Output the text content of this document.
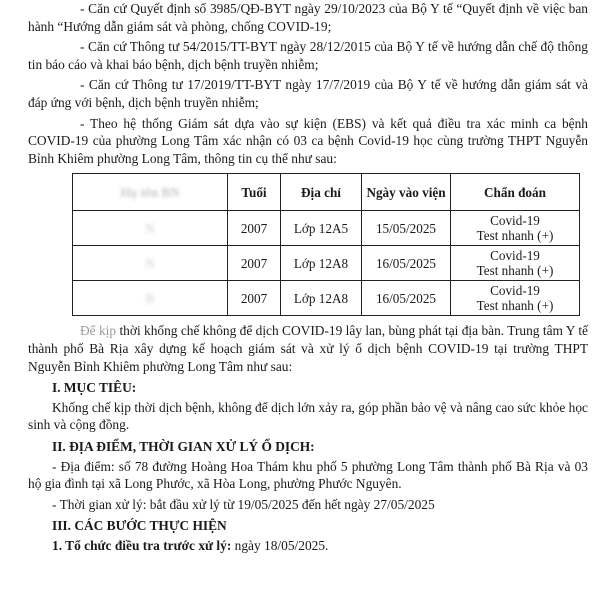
- Căn cứ Quyết định số 3985/QĐ-BYT ngày 29/10/2023 của Bộ Y tế “Quyết định về việc ban hành “Hướng dẫn giám sát và phòng, chống COVID-19;

- Căn cứ Thông tư 54/2015/TT-BYT ngày 28/12/2015 của Bộ Y tế về hướng dẫn chế độ thông tin báo cáo và khai báo bệnh, dịch bệnh truyền nhiễm;

- Căn cứ Thông tư 17/2019/TT-BYT ngày 17/7/2019 của Bộ Y tế về hướng dẫn giám sát và đáp ứng với bệnh, dịch bệnh truyền nhiễm;

- Theo hệ thống Giám sát dựa vào sự kiện (EBS) và kết quả điều tra xác minh ca bệnh COVID-19 của phường Long Tâm xác nhận có 03 ca bệnh Covid-19 học cùng trường THPT Nguyễn Bỉnh Khiêm phường Long Tâm, thông tin cụ thể như sau:

Họ tên BN	Tuổi	Địa chỉ	Ngày vào viện	Chẩn đoán
N	2007	Lớp 12A5	15/05/2025	Covid-19
Test nhanh (+)

N	2007	Lớp 12A8	16/05/2025	Covid-19
Test nhanh (+)

B	2007	Lớp 12A8	16/05/2025	Covid-19
Test nhanh (+)

Để kịp thời khống chế không để dịch COVID-19 lây lan, bùng phát tại địa bàn. Trung tâm Y tế thành phố Bà Rịa xây dựng kế hoạch giám sát và xử lý ổ dịch bệnh COVID-19 tại trường THPT Nguyễn Bỉnh Khiêm phường Long Tâm như sau:

I. MỤC TIÊU:

Khống chế kịp thời dịch bệnh, không để dịch lớn xảy ra, góp phần bảo vệ và nâng cao sức khỏe học sinh và cộng đồng.

II. ĐỊA ĐIỂM, THỜI GIAN XỬ LÝ Ổ DỊCH:

- Địa điểm: số 78 đường Hoàng Hoa Thám khu phố 5 phường Long Tâm thành phố Bà Rịa và 03 hộ gia đình tại xã Long Phước, xã Hòa Long, phường Phước Nguyên.

- Thời gian xử lý: bắt đầu xử lý từ 19/05/2025 đến hết ngày 27/05/2025

III. CÁC BƯỚC THỰC HIỆN

1. Tổ chức điều tra trước xử lý: ngày 18/05/2025.
